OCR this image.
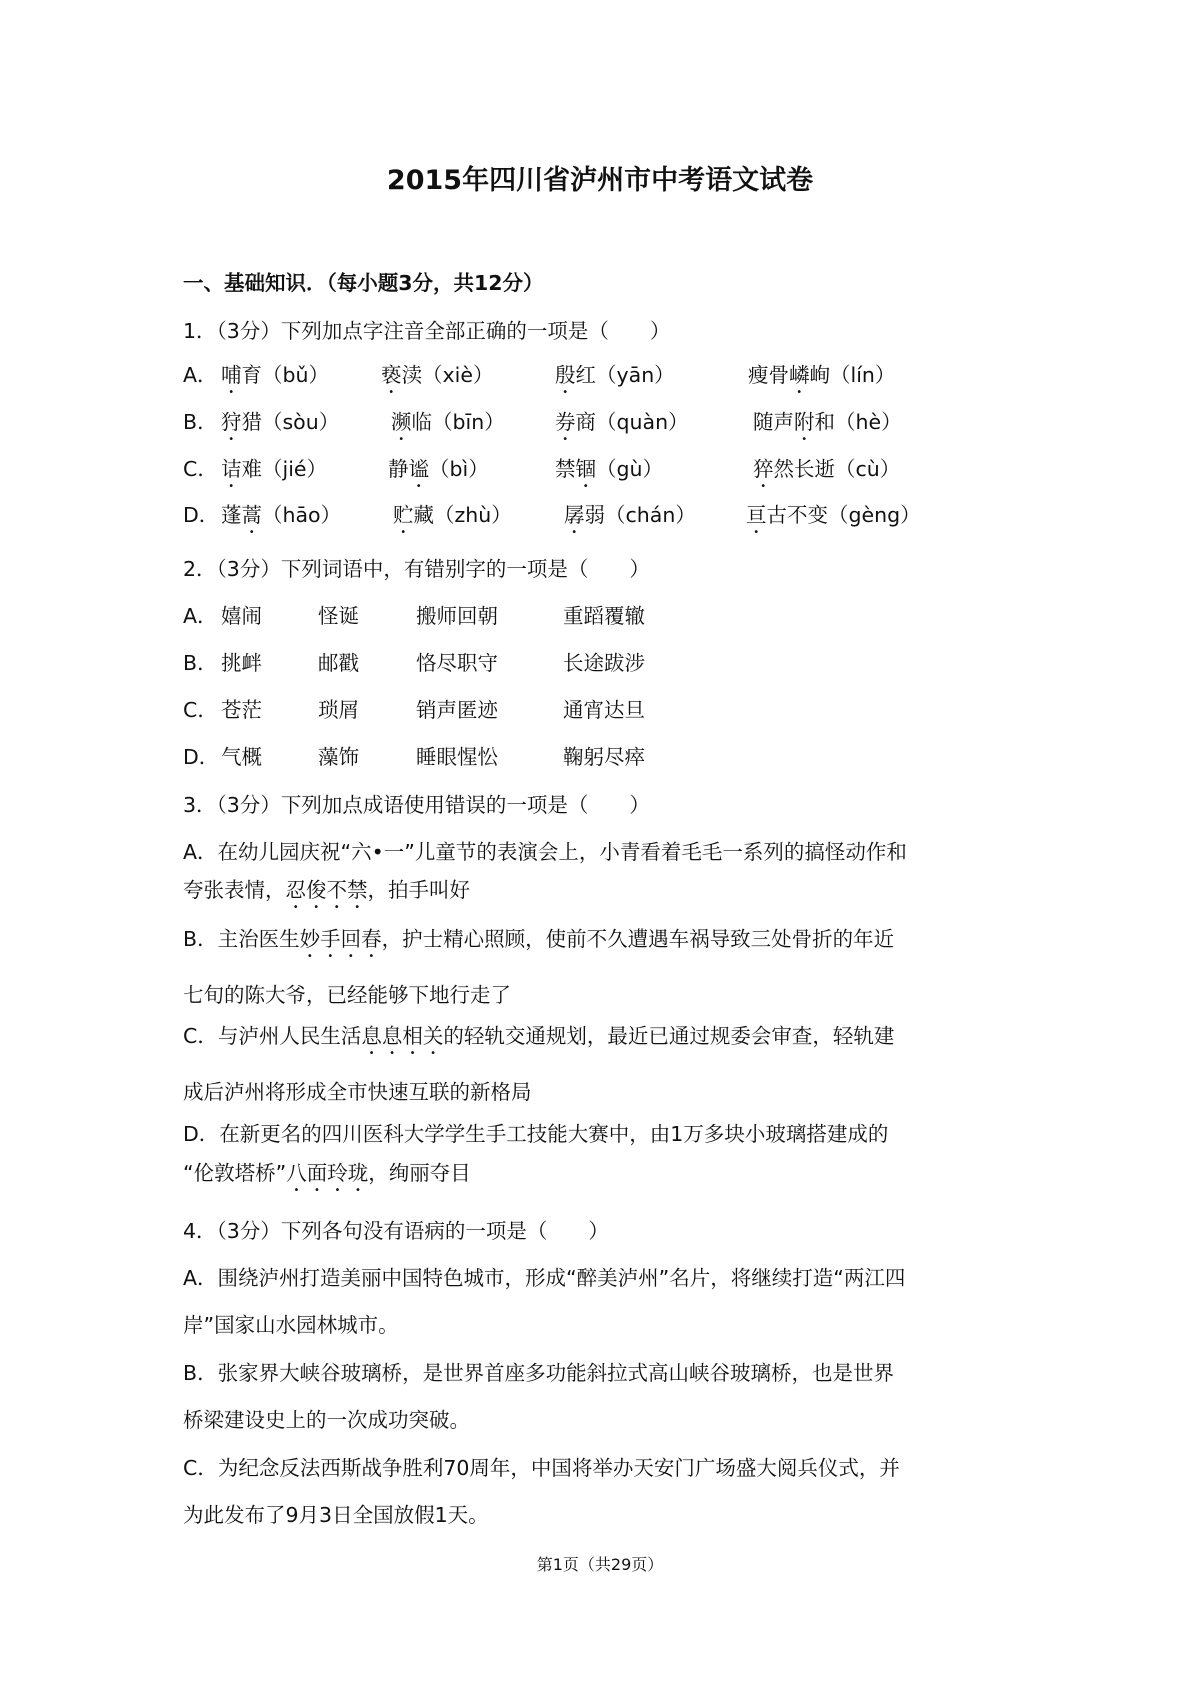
2015年四川省泸州市中考语文试卷
一、基础知识．（每小题3分，共12分）
1．（3分）下列加点字注音全部正确的一项是（　　）
A． 哺育（bǔ）	亵渎（xiè）	殷红（yān）	瘦骨嶙峋（lín）
B． 狩猎（sòu）	濒临（bīn） 券商（quàn）	随声附和（hè）
C． 诘难（jié）	静谧（bì）	禁锢（gù）	猝然长逝（cù）
D． 蓬蒿（hāo）	贮藏（zhù）	孱弱（chán） 亘古不变（gèng）
2．（3分）下列词语中，有错别字的一项是（　　）
A． 嬉闹	怪诞	搬师回朝	重蹈覆辙
B． 挑衅	邮戳	恪尽职守	长途跋涉
C． 苍茫	琐屑	销声匿迹	通宵达旦
D． 气概	藻饰	睡眼惺忪	鞠躬尽瘁
3．（3分）下列加点成语使用错误的一项是（　　）
A．在幼儿园庆祝“六•一”儿童节的表演会上，小青看着毛毛一系列的搞怪动作和
夸张表情，忍俊不禁，拍手叫好
B．主治医生妙手回春，护士精心照顾，使前不久遭遇车祸导致三处骨折的年近
七旬的陈大爷，已经能够下地行走了
C．与泸州人民生活息息相关的轻轨交通规划，最近已通过规委会审查，轻轨建
成后泸州将形成全市快速互联的新格局
D．在新更名的四川医科大学学生手工技能大赛中，由1万多块小玻璃搭建成的
“伦敦塔桥”八面玲珑，绚丽夺目
4．（3分）下列各句没有语病的一项是（　　）
A．围绕泸州打造美丽中国特色城市，形成“醉美泸州”名片，将继续打造“两江四
岸”国家山水园林城市。
B．张家界大峡谷玻璃桥，是世界首座多功能斜拉式高山峡谷玻璃桥，也是世界
桥梁建设史上的一次成功突破。
C．为纪念反法西斯战争胜利70周年，中国将举办天安门广场盛大阅兵仪式，并
为此发布了9月3日全国放假1天。
第1页（共29页）
